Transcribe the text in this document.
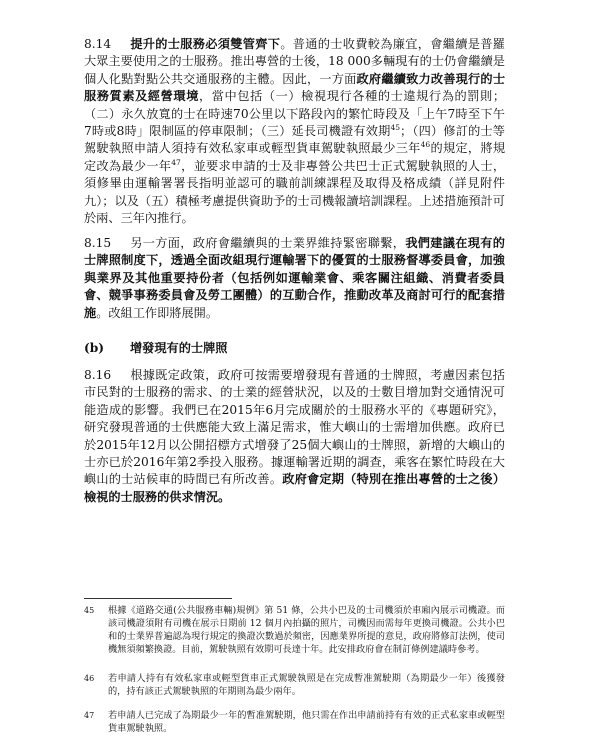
8.14 提升的士服務必須雙管齊下。普通的士收費較為廉宜，會繼續是普羅大眾主要使用之的士服務。推出專營的士後，18 000多輛現有的士仍會繼續是個人化點對點公共交通服務的主體。因此，一方面政府繼續致力改善現行的士服務質素及經營環境，當中包括（一）檢視現行各種的士違規行為的罰則；（二）永久放寬的士在時速70公里以下路段內的繁忙時段及「上午7時至下午7時或8時」限制區的停車限制；（三）延長司機證有效期$^{45}$；（四）修訂的士等駕駛執照申請人須持有效私家車或輕型貨車駕駛執照最少三年$^{46}$的規定，將規定改為最少一年$^{47}$，並要求申請的士及非專營公共巴士正式駕駛執照的人士，須修畢由運輸署署長指明並認可的職前訓練課程及取得及格成績（詳見附件九）；以及（五）積極考慮提供資助予的士司機報讀培訓課程。上述措施預計可於兩、三年內推行。

8.15 另一方面，政府會繼續與的士業界維持緊密聯繫，我們建議在現有的士牌照制度下，透過全面改組現行運輸署下的優質的士服務督導委員會，加強與業界及其他重要持份者（包括例如運輸業會、乘客關注組織、消費者委員會、競爭事務委員會及勞工團體）的互動合作，推動改革及商討可行的配套措施。改組工作即將展開。

(b) 增發現有的士牌照

8.16 根據既定政策，政府可按需要增發現有普通的士牌照，考慮因素包括市民對的士服務的需求、的士業的經營狀況，以及的士數目增加對交通情況可能造成的影響。我們已在2015年6月完成關於的士服務水平的《專題研究》，研究發現普通的士供應能大致上滿足需求，惟大嶼山的士需增加供應。政府已於2015年12月以公開招標方式增發了25個大嶼山的士牌照，新增的大嶼山的士亦已於2016年第2季投入服務。據運輸署近期的調查，乘客在繁忙時段在大嶼山的士站候車的時間已有所改善。政府會定期（特別在推出專營的士之後）檢視的士服務的供求情況。

45	根據《道路交通(公共服務車輛)規例》第 51 條，公共小巴及的士司機須於車廂內展示司機證。而該司機證須附有司機在展示日期前 12 個月內拍攝的照片，司機因而需每年更換司機證。公共小巴和的士業界普遍認為現行規定的換證次數過於頻密，因應業界所提的意見，政府將修訂法例，使司機無須頻繁換證。目前，駕駛執照有效期可長達十年。此安排政府會在制訂條例建議時參考。
46	若申請人持有有效私家車或輕型貨車正式駕駛執照是在完成暫准駕駛期（為期最少一年）後獲發的，持有該正式駕駛執照的年期則為最少兩年。
47	若申請人已完成了為期最少一年的暫准駕駛期，他只需在作出申請前持有有效的正式私家車或輕型貨車駕駛執照。
